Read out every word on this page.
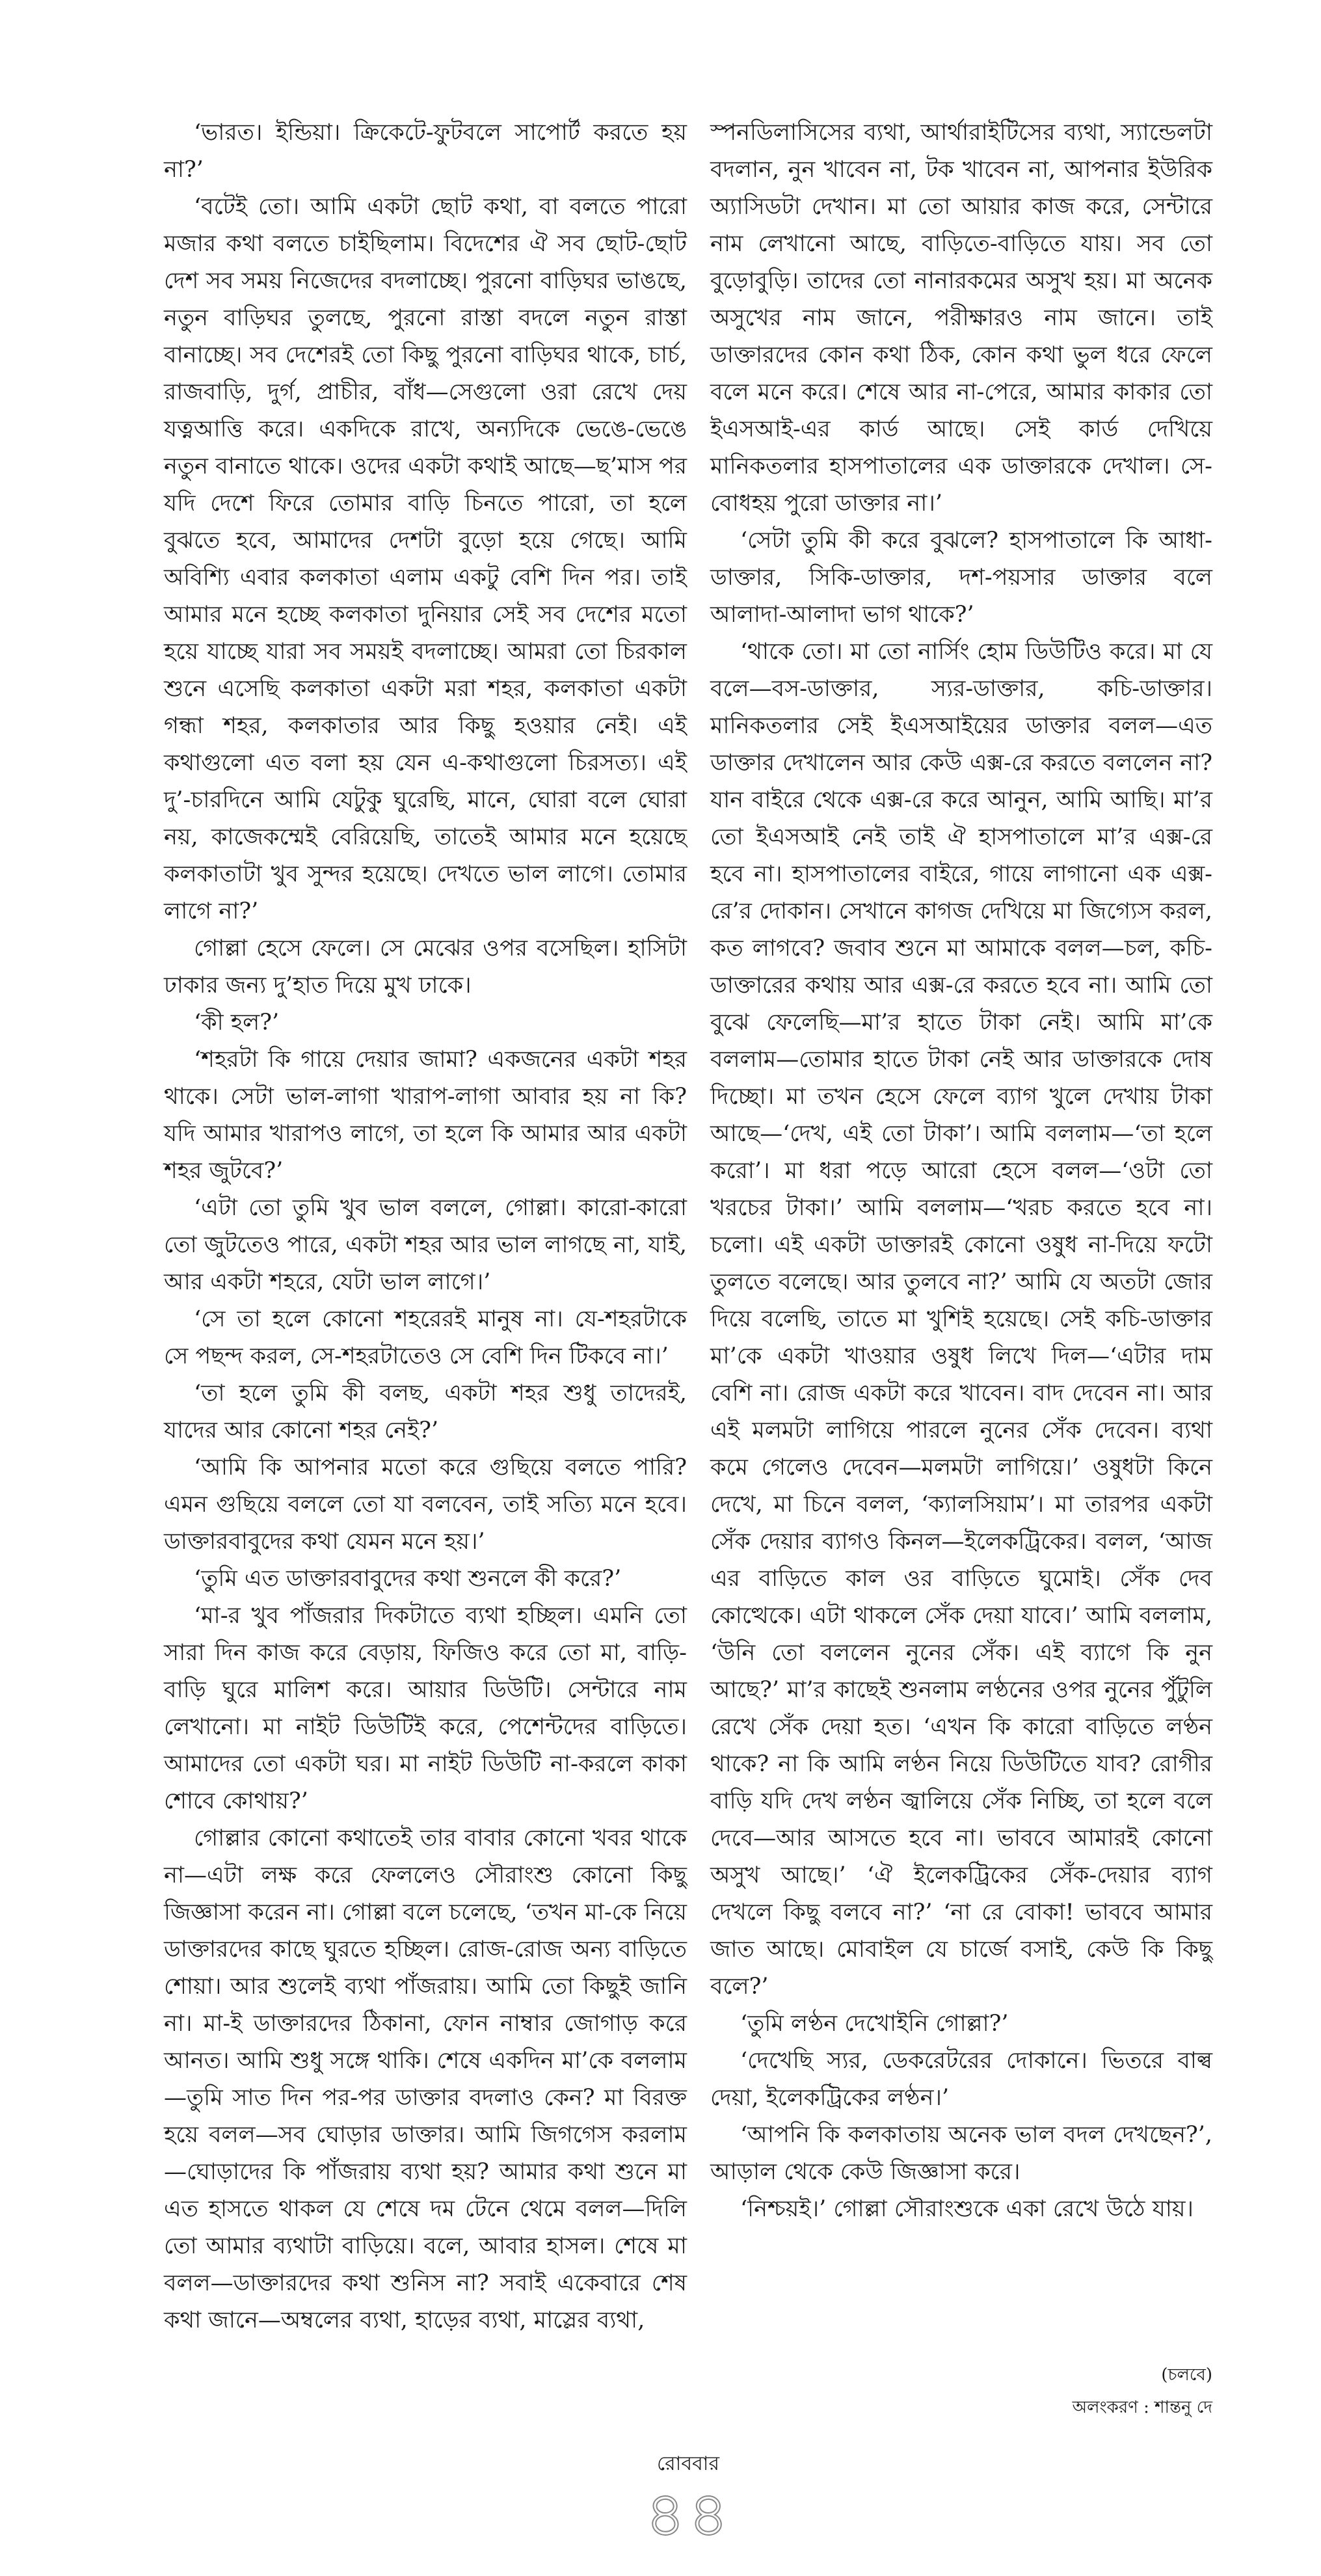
‘ভারত। ইন্ডিয়া। ক্রিকেটে-ফুটবলে সাপোর্ট করতে হয় না?’

‘বটেই তো। আমি একটা ছোট কথা, বা বলতে পারো মজার কথা বলতে চাইছিলাম। বিদেশের ঐ সব ছোট-ছোট দেশ সব সময় নিজেদের বদলাচ্ছে। পুরনো বাড়িঘর ভাঙছে, নতুন বাড়িঘর তুলছে, পুরনো রাস্তা বদলে নতুন রাস্তা বানাচ্ছে। সব দেশেরই তো কিছু পুরনো বাড়িঘর থাকে, চার্চ, রাজবাড়ি, দুর্গ, প্রাচীর, বাঁধ—সেগুলো ওরা রেখে দেয় যত্নআত্তি করে। একদিকে রাখে, অন্যদিকে ভেঙে-ভেঙে নতুন বানাতে থাকে। ওদের একটা কথাই আছে—ছ’মাস পর যদি দেশে ফিরে তোমার বাড়ি চিনতে পারো, তা হলে বুঝতে হবে, আমাদের দেশটা বুড়ো হয়ে গেছে। আমি অবিশ্যি এবার কলকাতা এলাম একটু বেশি দিন পর। তাই আমার মনে হচ্ছে কলকাতা দুনিয়ার সেই সব দেশের মতো হয়ে যাচ্ছে যারা সব সময়ই বদলাচ্ছে। আমরা তো চিরকাল শুনে এসেছি কলকাতা একটা মরা শহর, কলকাতা একটা গন্ধা শহর, কলকাতার আর কিছু হওয়ার নেই। এই কথাগুলো এত বলা হয় যেন এ-কথাগুলো চিরসত্য। এই দু’-চারদিনে আমি যেটুকু ঘুরেছি, মানে, ঘোরা বলে ঘোরা নয়, কাজেকম্মেই বেরিয়েছি, তাতেই আমার মনে হয়েছে কলকাতাটা খুব সুন্দর হয়েছে। দেখতে ভাল লাগে। তোমার লাগে না?’

গোল্লা হেসে ফেলে। সে মেঝের ওপর বসেছিল। হাসিটা ঢাকার জন্য দু’হাত দিয়ে মুখ ঢাকে।

‘কী হল?’

‘শহরটা কি গায়ে দেয়ার জামা? একজনের একটা শহর থাকে। সেটা ভাল-লাগা খারাপ-লাগা আবার হয় না কি? যদি আমার খারাপও লাগে, তা হলে কি আমার আর একটা শহর জুটবে?’

‘এটা তো তুমি খুব ভাল বললে, গোল্লা। কারো-কারো তো জুটতেও পারে, একটা শহর আর ভাল লাগছে না, যাই, আর একটা শহরে, যেটা ভাল লাগে।’

‘সে তা হলে কোনো শহরেরই মানুষ না। যে-শহরটাকে সে পছন্দ করল, সে-শহরটাতেও সে বেশি দিন টিকবে না।’

‘তা হলে তুমি কী বলছ, একটা শহর শুধু তাদেরই, যাদের আর কোনো শহর নেই?’

‘আমি কি আপনার মতো করে গুছিয়ে বলতে পারি? এমন গুছিয়ে বললে তো যা বলবেন, তাই সত্যি মনে হবে। ডাক্তারবাবুদের কথা যেমন মনে হয়।’

‘তুমি এত ডাক্তারবাবুদের কথা শুনলে কী করে?’

‘মা-র খুব পাঁজরার দিকটাতে ব্যথা হচ্ছিল। এমনি তো সারা দিন কাজ করে বেড়ায়, ফিজিও করে তো মা, বাড়ি-বাড়ি ঘুরে মালিশ করে। আয়ার ডিউটি। সেন্টারে নাম লেখানো। মা নাইট ডিউটিই করে, পেশেন্টদের বাড়িতে। আমাদের তো একটা ঘর। মা নাইট ডিউটি না-করলে কাকা শোবে কোথায়?’

গোল্লার কোনো কথাতেই তার বাবার কোনো খবর থাকে না—এটা লক্ষ করে ফেললেও সৌরাংশু কোনো কিছু জিজ্ঞাসা করেন না। গোল্লা বলে চলেছে, ‘তখন মা-কে নিয়ে ডাক্তারদের কাছে ঘুরতে হচ্ছিল। রোজ-রোজ অন্য বাড়িতে শোয়া। আর শুলেই ব্যথা পাঁজরায়। আমি তো কিছুই জানি না। মা-ই ডাক্তারদের ঠিকানা, ফোন নাম্বার জোগাড় করে আনত। আমি শুধু সঙ্গে থাকি। শেষে একদিন মা’কে বললাম—তুমি সাত দিন পর-পর ডাক্তার বদলাও কেন? মা বিরক্ত হয়ে বলল—সব ঘোড়ার ডাক্তার। আমি জিগগেস করলাম—ঘোড়াদের কি পাঁজরায় ব্যথা হয়? আমার কথা শুনে মা এত হাসতে থাকল যে শেষে দম টেনে থেমে বলল—দিলি তো আমার ব্যথাটা বাড়িয়ে। বলে, আবার হাসল। শেষে মা বলল—ডাক্তারদের কথা শুনিস না? সবাই একেবারে শেষ কথা জানে—অম্বলের ব্যথা, হাড়ের ব্যথা, মাস্লের ব্যথা,

স্পনডিলাসিসের ব্যথা, আর্থারাইটিসের ব্যথা, স্যান্ডেলটা বদলান, নুন খাবেন না, টক খাবেন না, আপনার ইউরিক অ্যাসিডটা দেখান। মা তো আয়ার কাজ করে, সেন্টারে নাম লেখানো আছে, বাড়িতে-বাড়িতে যায়। সব তো বুড়োবুড়ি। তাদের তো নানারকমের অসুখ হয়। মা অনেক অসুখের নাম জানে, পরীক্ষারও নাম জানে। তাই ডাক্তারদের কোন কথা ঠিক, কোন কথা ভুল ধরে ফেলে বলে মনে করে। শেষে আর না-পেরে, আমার কাকার তো ইএসআই-এর কার্ড আছে। সেই কার্ড দেখিয়ে মানিকতলার হাসপাতালের এক ডাক্তারকে দেখাল। সে-বোধহয় পুরো ডাক্তার না।’

‘সেটা তুমি কী করে বুঝলে? হাসপাতালে কি আধা-ডাক্তার, সিকি-ডাক্তার, দশ-পয়সার ডাক্তার বলে আলাদা-আলাদা ভাগ থাকে?’

‘থাকে তো। মা তো নার্সিং হোম ডিউটিও করে। মা যে বলে—বস-ডাক্তার, স্যর-ডাক্তার, কচি-ডাক্তার। মানিকতলার সেই ইএসআইয়ের ডাক্তার বলল—এত ডাক্তার দেখালেন আর কেউ এক্স-রে করতে বললেন না? যান বাইরে থেকে এক্স-রে করে আনুন, আমি আছি। মা’র তো ইএসআই নেই তাই ঐ হাসপাতালে মা’র এক্স-রে হবে না। হাসপাতালের বাইরে, গায়ে লাগানো এক এক্স-রে’র দোকান। সেখানে কাগজ দেখিয়ে মা জিগ্যেস করল, কত লাগবে? জবাব শুনে মা আমাকে বলল—চল, কচি-ডাক্তারের কথায় আর এক্স-রে করতে হবে না। আমি তো বুঝে ফেলেছি—মা’র হাতে টাকা নেই। আমি মা’কে বললাম—তোমার হাতে টাকা নেই আর ডাক্তারকে দোষ দিচ্ছো। মা তখন হেসে ফেলে ব্যাগ খুলে দেখায় টাকা আছে—‘দেখ, এই তো টাকা’। আমি বললাম—‘তা হলে করো’। মা ধরা পড়ে আরো হেসে বলল—‘ওটা তো খরচের টাকা।’ আমি বললাম—‘খরচ করতে হবে না। চলো। এই একটা ডাক্তারই কোনো ওষুধ না-দিয়ে ফটো তুলতে বলেছে। আর তুলবে না?’ আমি যে অতটা জোর দিয়ে বলেছি, তাতে মা খুশিই হয়েছে। সেই কচি-ডাক্তার মা’কে একটা খাওয়ার ওষুধ লিখে দিল—‘এটার দাম বেশি না। রোজ একটা করে খাবেন। বাদ দেবেন না। আর এই মলমটা লাগিয়ে পারলে নুনের সেঁক দেবেন। ব্যথা কমে গেলেও দেবেন—মলমটা লাগিয়ে।’ ওষুধটা কিনে দেখে, মা চিনে বলল, ‘ক্যালসিয়াম’। মা তারপর একটা সেঁক দেয়ার ব্যাগও কিনল—ইলেকট্রিকের। বলল, ‘আজ এর বাড়িতে কাল ওর বাড়িতে ঘুমোই। সেঁক দেব কোত্থেকে। এটা থাকলে সেঁক দেয়া যাবে।’ আমি বললাম, ‘উনি তো বললেন নুনের সেঁক। এই ব্যাগে কি নুন আছে?’ মা’র কাছেই শুনলাম লণ্ঠনের ওপর নুনের পুঁটুলি রেখে সেঁক দেয়া হত। ‘এখন কি কারো বাড়িতে লণ্ঠন থাকে? না কি আমি লণ্ঠন নিয়ে ডিউটিতে যাব? রোগীর বাড়ি যদি দেখ লণ্ঠন জ্বালিয়ে সেঁক নিচ্ছি, তা হলে বলে দেবে—আর আসতে হবে না। ভাববে আমারই কোনো অসুখ আছে।’ ‘ঐ ইলেকট্রিকের সেঁক-দেয়ার ব্যাগ দেখলে কিছু বলবে না?’ ‘না রে বোকা! ভাববে আমার জাত আছে। মোবাইল যে চার্জে বসাই, কেউ কি কিছু বলে?’

‘তুমি লণ্ঠন দেখোইনি গোল্লা?’

‘দেখেছি স্যর, ডেকরেটরের দোকানে। ভিতরে বাল্ব দেয়া, ইলেকট্রিকের লণ্ঠন।’

‘আপনি কি কলকাতায় অনেক ভাল বদল দেখছেন?’, আড়াল থেকে কেউ জিজ্ঞাসা করে।

‘নিশ্চয়ই।’ গোল্লা সৌরাংশুকে একা রেখে উঠে যায়।

(চলবে)
অলংকরণ : শান্তনু দে
রোববার
৪৪
